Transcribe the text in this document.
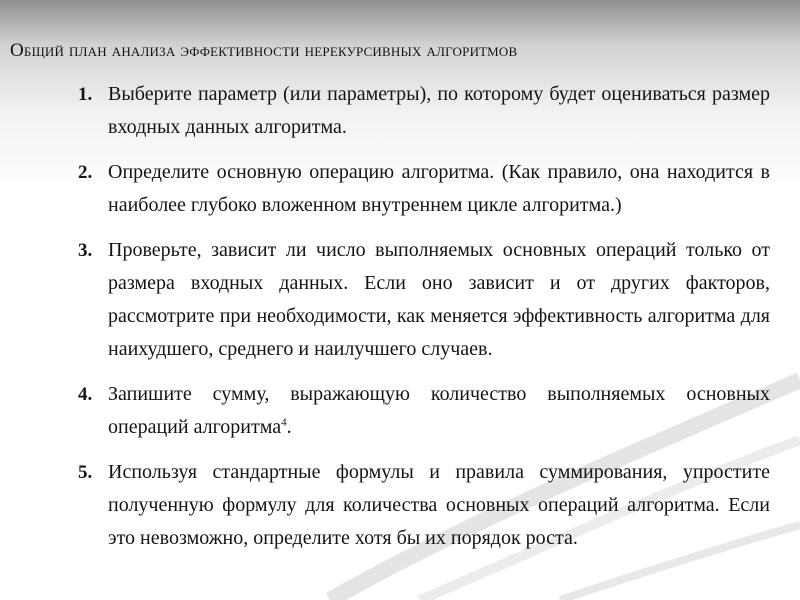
Общий план анализа эффективности нерекурсивных алгоритмов
1. Выберите параметр (или параметры), по которому будет оцениваться размер входных данных алгоритма.
2. Определите основную операцию алгоритма. (Как правило, она находится в наиболее глубоко вложенном внутреннем цикле алгоритма.)
3. Проверьте, зависит ли число выполняемых основных операций только от размера входных данных. Если оно зависит и от других факторов, рассмотрите при необходимости, как меняется эффективность алгоритма для наихудшего, среднего и наилучшего случаев.
4. Запишите сумму, выражающую количество выполняемых основных операций алгоритма$^4$.
5. Используя стандартные формулы и правила суммирования, упростите полученную формулу для количества основных операций алгоритма. Если это невозможно, определите хотя бы их порядок роста.
